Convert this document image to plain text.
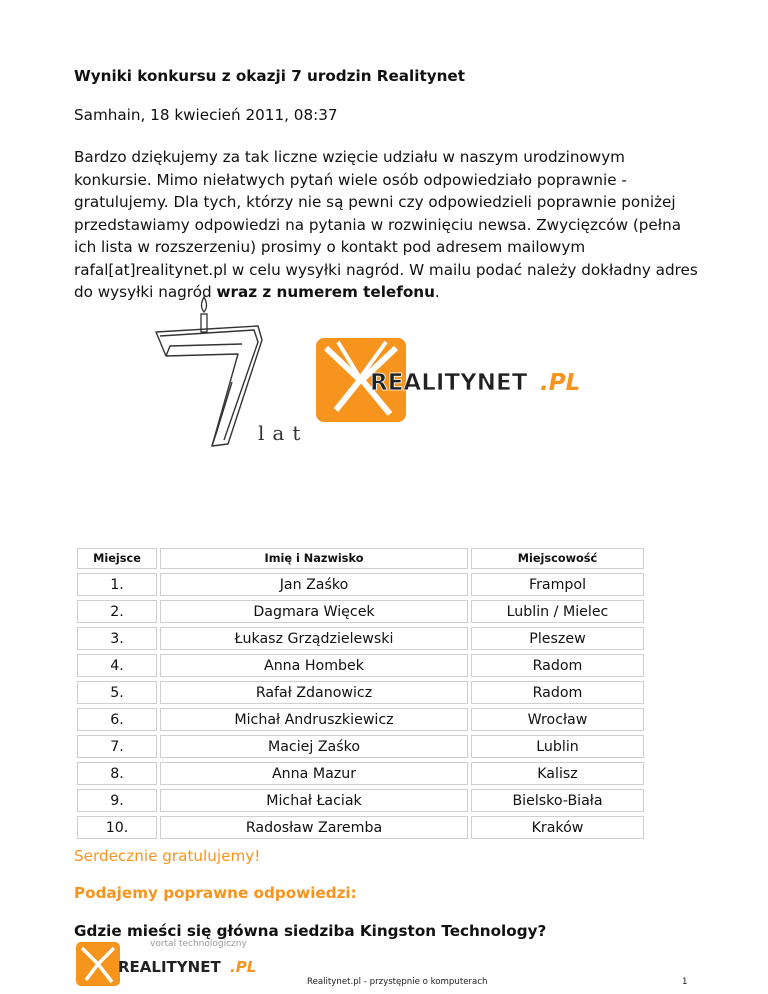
Wyniki konkursu z okazji 7 urodzin Realitynet
Samhain, 18 kwiecień 2011, 08:37
Bardzo dziękujemy za tak liczne wzięcie udziału w naszym urodzinowym konkursie. Mimo niełatwych pytań wiele osób odpowiedziało poprawnie - gratulujemy. Dla tych, którzy nie są pewni czy odpowiedzieli poprawnie poniżej przedstawiamy odpowiedzi na pytania w rozwinięciu newsa. Zwycięzców (pełna ich lista w rozszerzeniu) prosimy o kontakt pod adresem mailowym rafal[at]realitynet.pl w celu wysyłki nagród. W mailu podać należy dokładny adres do wysyłki nagród wraz z numerem telefonu.
lat
REALITYNET .PL
Miejsce	Imię i Nazwisko	Miejscowość
1.	Jan Zaśko	Frampol
2.	Dagmara Więcek	Lublin / Mielec
3.	Łukasz Grządzielewski	Pleszew
4.	Anna Hombek	Radom
5.	Rafał Zdanowicz	Radom
6.	Michał Andruszkiewicz	Wrocław
7.	Maciej Zaśko	Lublin
8.	Anna Mazur	Kalisz
9.	Michał Łaciak	Bielsko-Biała
10.	Radosław Zaremba	Kraków
Serdecznie gratulujemy!
Podajemy poprawne odpowiedzi:
Gdzie mieści się główna siedziba Kingston Technology?
vortal technologiczny
REALITYNET .PL
Realitynet.pl - przystępnie o komputerach	1
